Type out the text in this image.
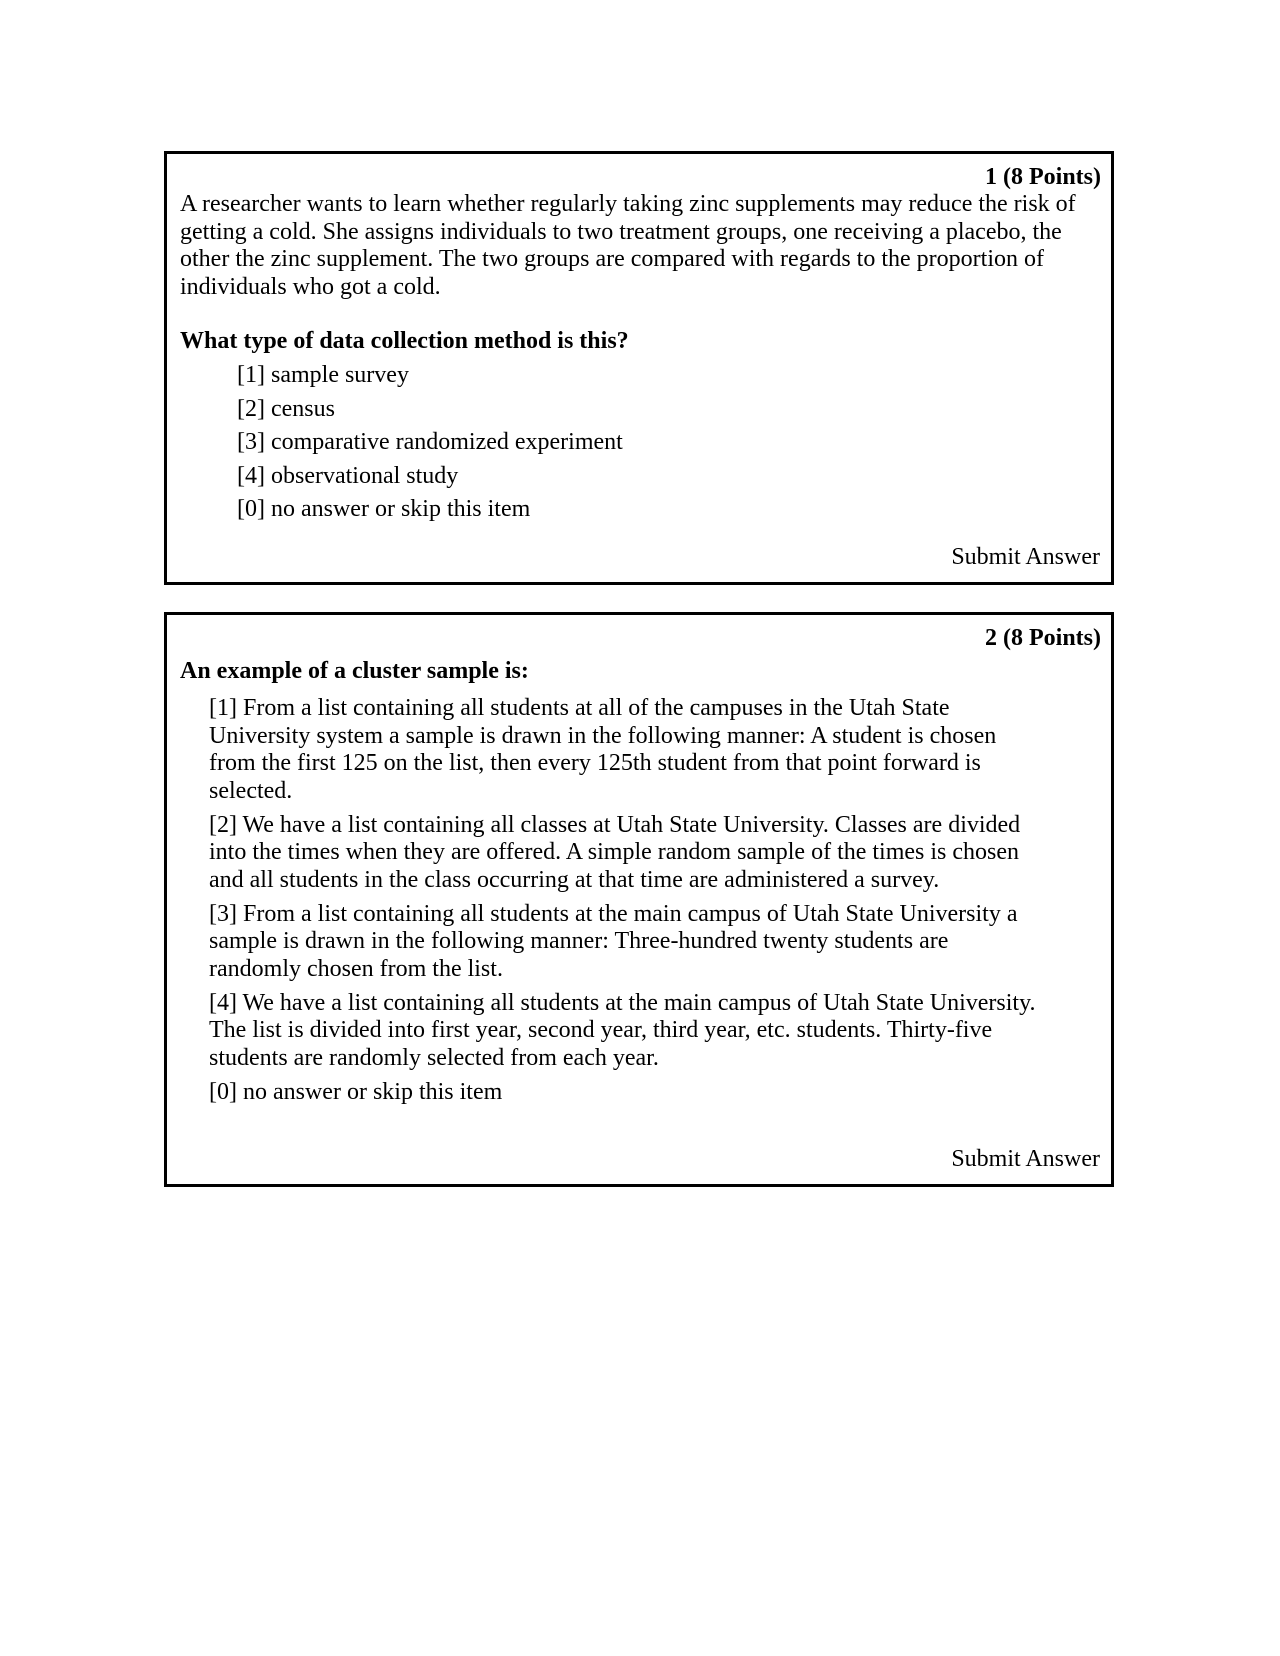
1 (8 Points)

A researcher wants to learn whether regularly taking zinc supplements may reduce the risk of getting a cold. She assigns individuals to two treatment groups, one receiving a placebo, the other the zinc supplement. The two groups are compared with regards to the proportion of individuals who got a cold.

What type of data collection method is this?

[1] sample survey
[2] census
[3] comparative randomized experiment
[4] observational study
[0] no answer or skip this item
Submit Answer
2 (8 Points)

An example of a cluster sample is:

[1] From a list containing all students at all of the campuses in the Utah State University system a sample is drawn in the following manner: A student is chosen from the first 125 on the list, then every 125th student from that point forward is selected.
[2] We have a list containing all classes at Utah State University. Classes are divided into the times when they are offered. A simple random sample of the times is chosen and all students in the class occurring at that time are administered a survey.
[3] From a list containing all students at the main campus of Utah State University a sample is drawn in the following manner: Three-hundred twenty students are randomly chosen from the list.
[4] We have a list containing all students at the main campus of Utah State University. The list is divided into first year, second year, third year, etc. students. Thirty-five students are randomly selected from each year.
[0] no answer or skip this item
Submit Answer
